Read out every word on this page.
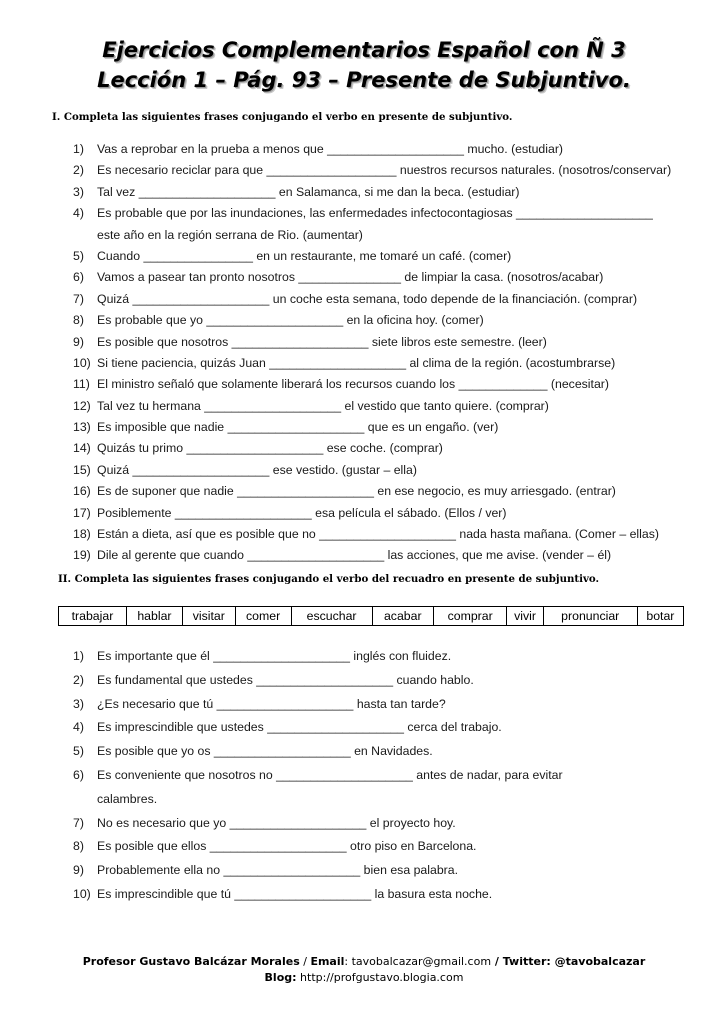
Ejercicios Complementarios Español con Ñ 3
Lección 1 – Pág. 93 – Presente de Subjuntivo.
I. Completa las siguientes frases conjugando el verbo en presente de subjuntivo.
1) Vas a reprobar en la prueba a menos que ____________________ mucho. (estudiar)
2) Es necesario reciclar para que ___________________ nuestros recursos naturales. (nosotros/conservar)
3) Tal vez ____________________ en Salamanca, si me dan la beca. (estudiar)
4) Es probable que por las inundaciones, las enfermedades infectocontagiosas ____________________
este año en la región serrana de Rio. (aumentar)
5) Cuando ________________ en un restaurante, me tomaré un café. (comer)
6) Vamos a pasear tan pronto nosotros _______________ de limpiar la casa. (nosotros/acabar)
7) Quizá ____________________ un coche esta semana, todo depende de la financiación. (comprar)
8) Es probable que yo ____________________ en la oficina hoy. (comer)
9) Es posible que nosotros ____________________ siete libros este semestre. (leer)
10) Si tiene paciencia, quizás Juan ____________________ al clima de la región. (acostumbrarse)
11) El ministro señaló que solamente liberará los recursos cuando los _____________ (necesitar)
12) Tal vez tu hermana ____________________ el vestido que tanto quiere. (comprar)
13) Es imposible que nadie ____________________ que es un engaño. (ver)
14) Quizás tu primo ____________________ ese coche. (comprar)
15) Quizá ____________________ ese vestido. (gustar – ella)
16) Es de suponer que nadie ____________________ en ese negocio, es muy arriesgado. (entrar)
17) Posiblemente ____________________ esa película el sábado. (Ellos / ver)
18) Están a dieta, así que es posible que no ____________________ nada hasta mañana. (Comer – ellas)
19) Dile al gerente que cuando ____________________ las acciones, que me avise. (vender – él)
II. Completa las siguientes frases conjugando el verbo del recuadro en presente de subjuntivo.
trabajar	hablar	visitar	comer	escuchar	acabar	comprar	vivir	pronunciar	botar
1) Es importante que él ____________________ inglés con fluidez.
2) Es fundamental que ustedes ____________________ cuando hablo.
3) ¿Es necesario que tú ____________________ hasta tan tarde?
4) Es imprescindible que ustedes ____________________ cerca del trabajo.
5) Es posible que yo os ____________________ en Navidades.
6) Es conveniente que nosotros no ____________________ antes de nadar, para evitar
calambres.
7) No es necesario que yo ____________________ el proyecto hoy.
8) Es posible que ellos ____________________ otro piso en Barcelona.
9) Probablemente ella no ____________________ bien esa palabra.
10) Es imprescindible que tú ____________________ la basura esta noche.
Profesor Gustavo Balcázar Morales / Email: tavobalcazar@gmail.com / Twitter: @tavobalcazar
Blog: http://profgustavo.blogia.com
